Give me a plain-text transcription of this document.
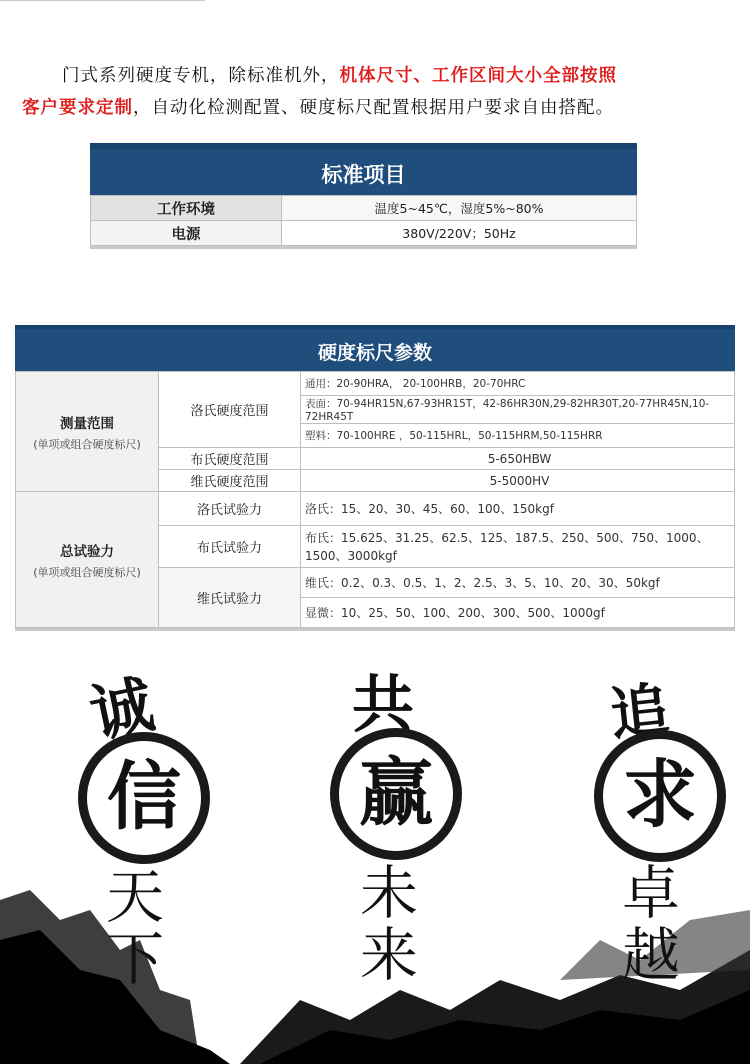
门式系列硬度专机，除标准机外，机体尺寸、工作区间大小全部按照
客户要求定制，自动化检测配置、硬度标尺配置根据用户要求自由搭配。
标准项目
工作环境	温度5~45℃，湿度5%~80%
电源	380V/220V；50Hz
硬度标尺参数
测量范围
(单项或组合硬度标尺)	洛氏硬度范围	通用：20-90HRA， 20-100HRB，20-70HRC
		表面：70-94HR15N,67-93HR15T，42-86HR30N,29-82HR30T,20-77HR45N,10-72HR45T
		塑料：70-100HRE ，50-115HRL，50-115HRM,50-115HRR
	布氏硬度范围	5-650HBW
	维氏硬度范围	5-5000HV

总试验力
(单项或组合硬度标尺)	洛氏试验力	洛氏：15、20、30、45、60、100、150kgf
	布氏试验力	布氏：15.625、31.25、62.5、125、187.5、250、500、750、1000、1500、3000kgf
	维氏试验力	维氏：0.2、0.3、0.5、1、2、2.5、3、5、10、20、30、50kgf
		显微：10、25、50、100、200、300、500、1000gf
诚
信
天
下
共
赢
未
来
追
求
卓
越
